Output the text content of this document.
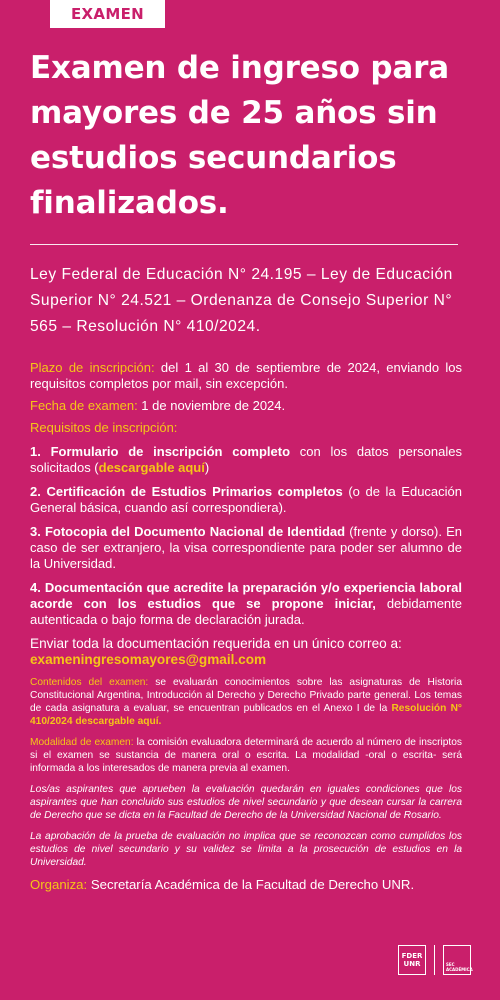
EXAMEN
Examen de ingreso para mayores de 25 años sin estudios secundarios finalizados.

Ley Federal de Educación N° 24.195 – Ley de Educación Superior N° 24.521 – Ordenanza de Consejo Superior N° 565 – Resolución N° 410/2024.

Plazo de inscripción: del 1 al 30 de septiembre de 2024, enviando los requisitos completos por mail, sin excepción.

Fecha de examen: 1 de noviembre de 2024.

Requisitos de inscripción:

1. Formulario de inscripción completo con los datos personales solicitados (descargable aquí)

2. Certificación de Estudios Primarios completos (o de la Educación General básica, cuando así correspondiera).

3. Fotocopia del Documento Nacional de Identidad (frente y dorso). En caso de ser extranjero, la visa correspondiente para poder ser alumno de la Universidad.

4. Documentación que acredite la preparación y/o experiencia laboral acorde con los estudios que se propone iniciar, debidamente autenticada o bajo forma de declaración jurada.

Enviar toda la documentación requerida en un único correo a:
examen​ingresomayores@gmail.com

Contenidos del examen: se evaluarán conocimientos sobre las asignaturas de Historia Constitucional Argentina, Introducción al Derecho y Derecho Privado parte general. Los temas de cada asignatura a evaluar, se encuentran publicados en el Anexo I de la Resolución N° 410/2024 descargable aquí.

Modalidad de examen: la comisión evaluadora determinará de acuerdo al número de inscriptos si el examen se sustancia de manera oral o escrita. La modalidad -oral o escrita- será informada a los interesados de manera previa al examen.

Los/as aspirantes que aprueben la evaluación quedarán en iguales condiciones que los aspirantes que han concluido sus estudios de nivel secundario y que desean cursar la carrera de Derecho que se dicta en la Facultad de Derecho de la Universidad Nacional de Rosario.

La aprobación de la prueba de evaluación no implica que se reconozcan como cumplidos los estudios de nivel secundario y su validez se limita a la prosecución de estudios en la Universidad.

Organiza: Secretaría Académica de la Facultad de Derecho UNR.

FDER
UNR	SEC
ACADÉMICA
